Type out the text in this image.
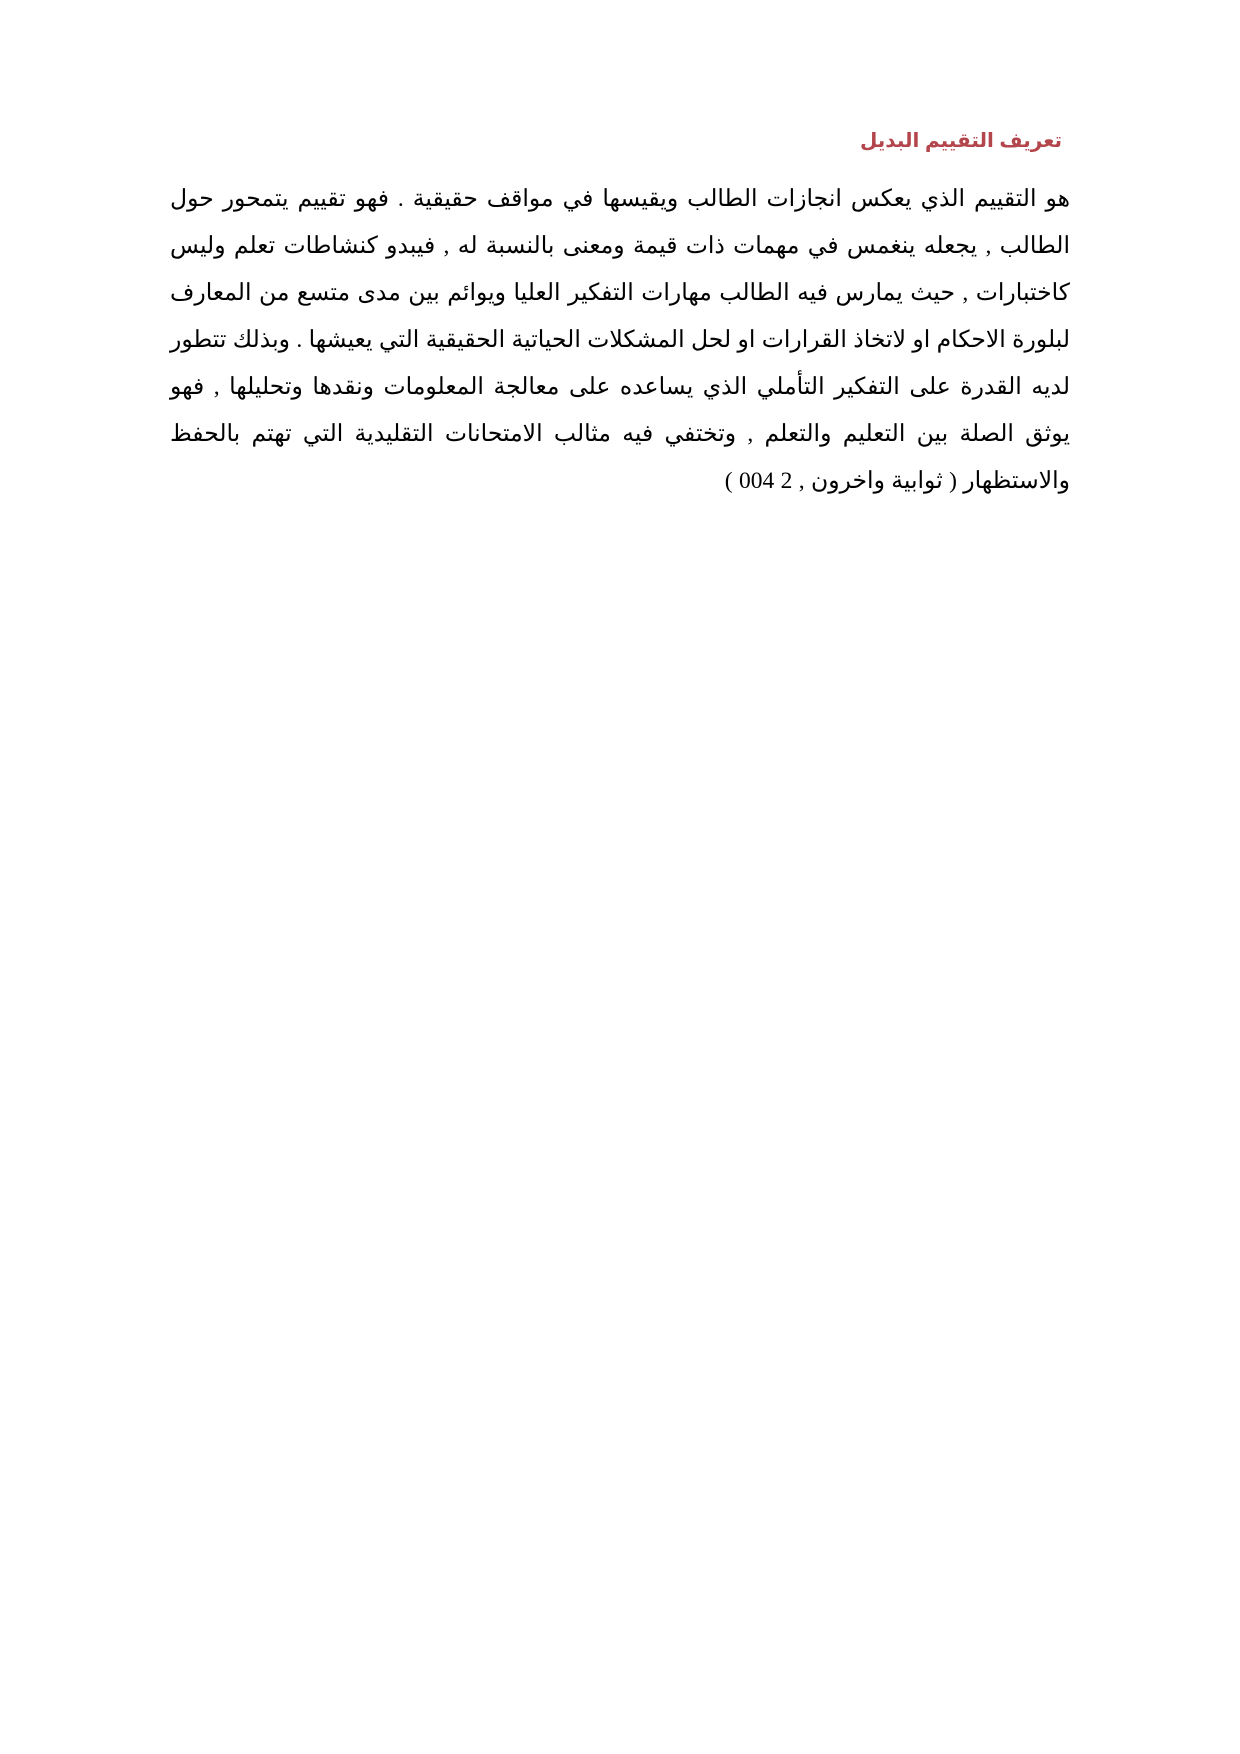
تعريف التقييم البديل

هو التقييم الذي يعكس انجازات الطالب ويقيسها في مواقف حقيقية . فهو تقييم يتمحور حول الطالب , يجعله ينغمس في مهمات ذات قيمة ومعنى بالنسبة له , فيبدو كنشاطات تعلم وليس كاختبارات , حيث يمارس فيه الطالب مهارات التفكير العليا ويوائم بين مدى متسع من المعارف لبلورة الاحكام او لاتخاذ القرارات او لحل المشكلات الحياتية الحقيقية التي يعيشها . وبذلك تتطور لديه القدرة على التفكير التأملي الذي يساعده على معالجة المعلومات ونقدها وتحليلها , فهو يوثق الصلة بين التعليم والتعلم , وتختفي فيه مثالب الامتحانات التقليدية التي تهتم بالحفظ والاستظهار ( ثوابية واخرون , 2 004 )
